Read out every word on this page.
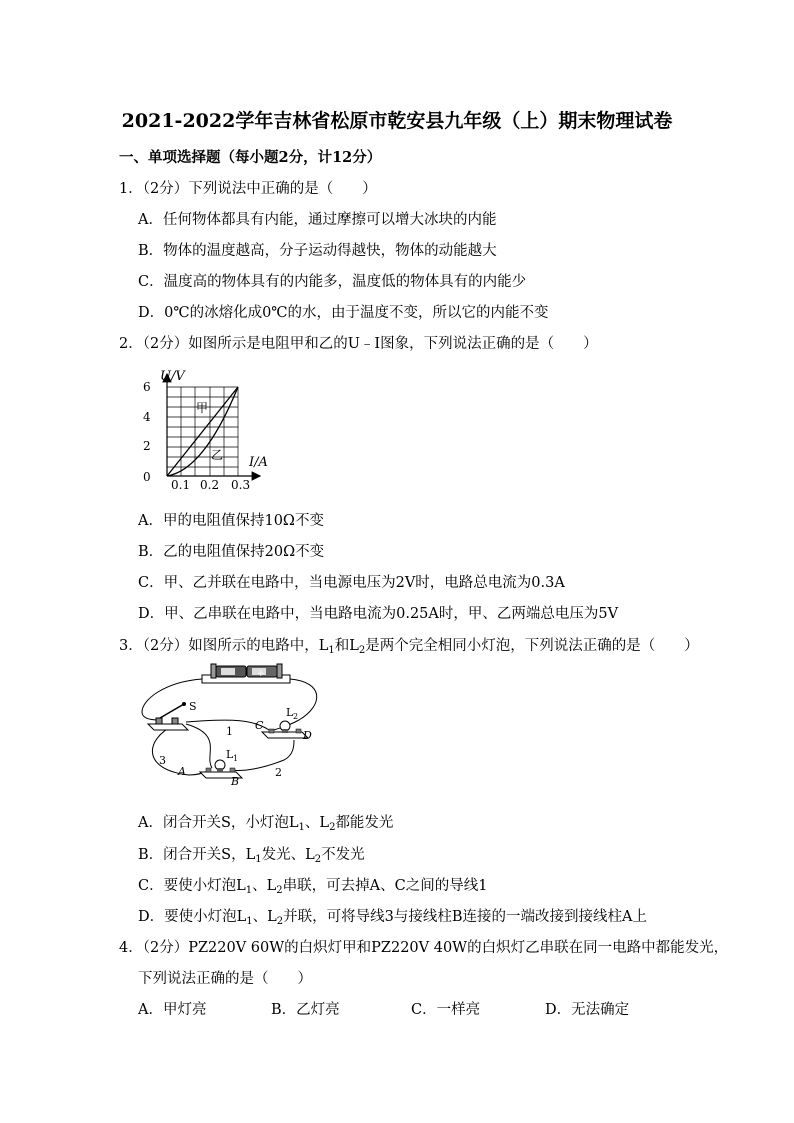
2021-2022学年吉林省松原市乾安县九年级（上）期末物理试卷
一、单项选择题（每小题2分，计12分）
1．（2分）下列说法中正确的是（　　）
A．任何物体都具有内能，通过摩擦可以增大冰块的内能
B．物体的温度越高，分子运动得越快，物体的动能越大
C．温度高的物体具有的内能多，温度低的物体具有的内能少
D．0℃的冰熔化成0℃的水，由于温度不变，所以它的内能不变
2．（2分）如图所示是电阻甲和乙的U﹣I图象，下列说法正确的是（　　）
U/V
6
4
2
0
0.1 0.2 0.3
I/A
甲
乙
A．甲的电阻值保持10Ω不变
B．乙的电阻值保持20Ω不变
C．甲、乙并联在电路中，当电源电压为2V时，电路总电流为0.3A
D．甲、乙串联在电路中，当电路电流为0.25A时，甲、乙两端总电压为5V
3．（2分）如图所示的电路中，$L_1$和$L_2$是两个完全相同小灯泡，下列说法正确的是（　　）
+
S	L 2
C
D
L 1
A
B
1
2
3
A．闭合开关S，小灯泡$L_1$、$L_2$都能发光
B．闭合开关S，$L_1$发光、$L_2$不发光
C．要使小灯泡$L_1$、$L_2$串联，可去掉A、C之间的导线1
D．要使小灯泡$L_1$、$L_2$并联，可将导线3与接线柱B连接的一端改接到接线柱A上
4．（2分）PZ220V 60W的白炽灯甲和PZ220V 40W的白炽灯乙串联在同一电路中都能发光，
下列说法正确的是（　　）
A．甲灯亮	B．乙灯亮	C．一样亮	D．无法确定
